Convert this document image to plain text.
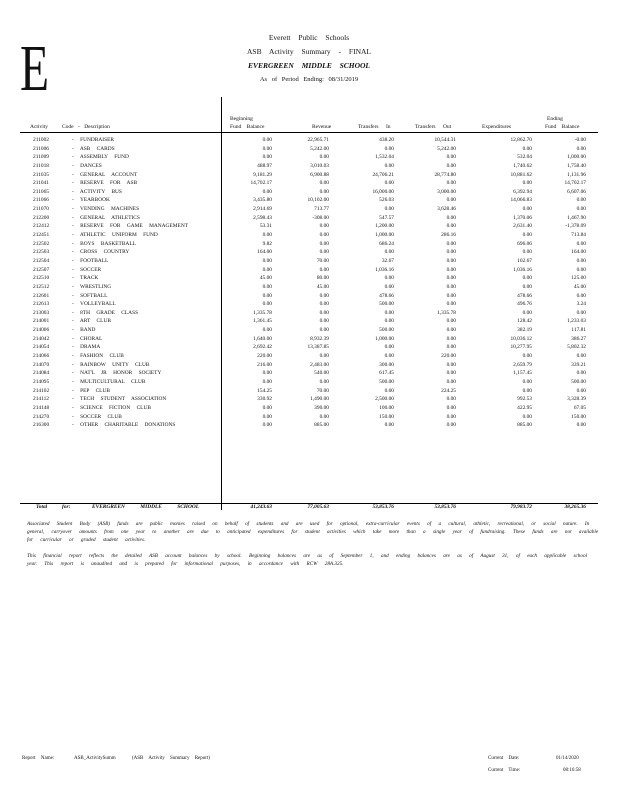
E	Everett Public Schools
ASB Activity Summary - FINAL
EVERGREEN MIDDLE SCHOOL
As of Period Ending: 08/31/2019
Activity	Code - Description
Beginning
Fund Balance	Revenue	Transfers In	Transfers Out	Expenditures
Ending
Fund Balance
211002	- FUNDRAISER	0.00	22,965.71	438.20	10,544.31	12,862.70	-0.00
211006	- ASB CARDS	0.00	5,242.00	0.00	5,242.00	0.00	0.00
211009	- ASSEMBLY FUND	0.00	0.00	1,532.04	0.00	532.04	1,000.00
211018	- DANCES	488.97	3,010.03	0.00	0.00	1,740.62	1,758.40
211035	- GENERAL ACCOUNT	9,181.29	6,900.88	24,706.21	28,774.80	10,881.62	1,131.96
211041	- RESERVE FOR ASB	14,702.17	0.00	0.00	0.00	0.00	14,702.17
211065	- ACTIVITY BUS	0.00	0.00	16,000.00	3,000.00	6,392.94	6,607.06
211066	- YEARBOOK	3,435.80	10,102.00	526.03	0.00	14,066.83	0.00
211070	- VENDING MACHINES	2,914.69	713.77	0.00	3,628.46	0.00	0.00
212200	- GENERAL ATHLETICS	2,598.43	-308.00	547.57	0.00	1,370.06	1,467.90
212412	- RESERVE FOR GAME MANAGEMENT	53.31	0.00	1,200.00	0.00	2,631.40	-1,378.09
212451	- ATHLETIC UNIFORM FUND	0.00	0.00	1,000.00	286.16	0.00	713.84
212502	- BOYS BASKETBALL	9.82	0.00	686.24	0.00	696.06	0.00
212503	- CROSS COUNTRY	164.00	0.00	0.00	0.00	0.00	164.00
212504	- FOOTBALL	0.00	70.00	32.67	0.00	102.67	0.00
212507	- SOCCER	0.00	0.00	1,036.16	0.00	1,036.16	0.00
212510	- TRACK	45.00	80.00	0.00	0.00	0.00	125.00
212512	- WRESTLING	0.00	45.00	0.00	0.00	0.00	45.00
212601	- SOFTBALL	0.00	0.00	478.66	0.00	478.66	0.00
212613	- VOLLEYBALL	0.00	0.00	500.00	0.00	496.76	3.24
213003	- 8TH GRADE CLASS	1,335.78	0.00	0.00	1,335.78	0.00	0.00
214001	- ART CLUB	1,361.45	0.00	0.00	0.00	128.42	1,233.03
214006	- BAND	0.00	0.00	500.00	0.00	382.19	117.81
214042	- CHORAL	1,640.00	8,932.39	1,000.00	0.00	10,036.12	386.27
214054	- DRAMA	2,692.42	13,387.85	0.00	0.00	10,277.95	5,802.32
214066	- FASHION CLUB	220.00	0.00	0.00	220.00	0.00	0.00
214070	- RAINBOW UNITY CLUB	216.00	2,483.00	300.00	0.00	2,659.79	339.21
214084	- NAT'L JR HONOR SOCIETY	0.00	540.00	617.45	0.00	1,157.45	0.00
214095	- MULTICULTURAL CLUB	0.00	0.00	500.00	0.00	0.00	500.00
214102	- PEP CLUB	154.25	70.00	0.00	224.25	0.00	0.00
214112	- TECH STUDENT ASSOCIATION	330.92	1,490.00	2,500.00	0.00	992.53	3,328.39
214148	- SCIENCE FICTION CLUB	0.00	390.00	100.00	0.00	422.95	67.05
214270	- SOCCER CLUB	0.00	0.00	150.00	0.00	0.00	150.00
216300	- OTHER CHARITABLE DONATIONS	0.00	885.00	0.00	0.00	885.00	0.00
Total	for:	EVERGREEN MIDDLE SCHOOL	41,243.63	77,005.63	53,853.76	53,853.76	79,983.72	38,265.36
Associated Student Body (ASB) funds are public monies raised on behalf of students and are used for optional, extra-curricular events of a cultural, athletic, recreational, or social nature. In general, carryover amounts from one year to another are due to anticipated expenditures for student activities which take more than a single year of fundraising. These funds are not available for curricular or graded student activities.
This financial report reflects the detailed ASB account balances by school. Beginning balances are as of September 1, and ending balances are as of August 31, of each applicable school year. This report is unaudited and is prepared for informational purposes, in accordance with RCW 28A.325.
Report Name:	ASB_ActivitySumm	(ASB Activity Summary Report)	Current Date:	01/14/2020
Current Time:	08:16:58
